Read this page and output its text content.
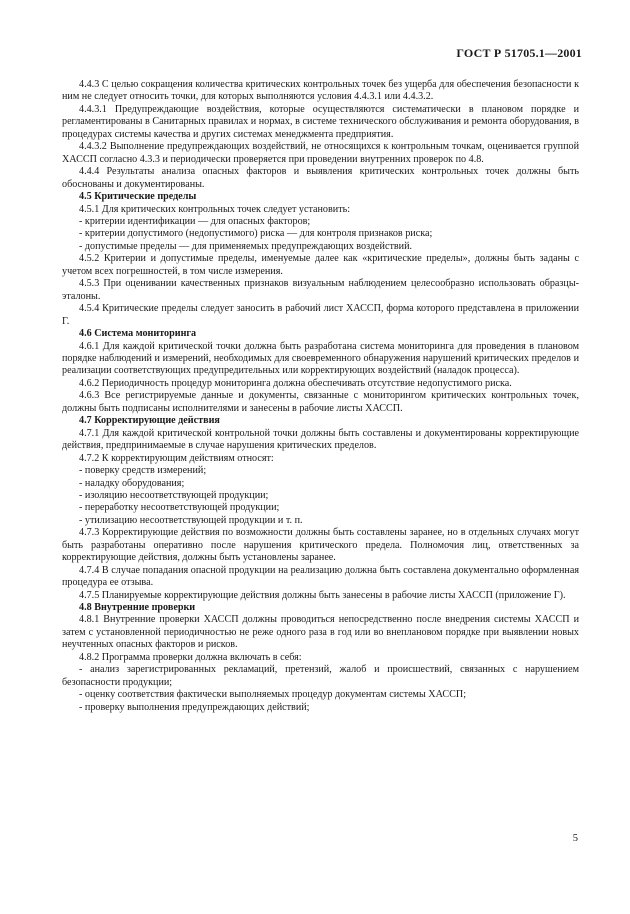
ГОСТ Р 51705.1—2001

4.4.3 С целью сокращения количества критических контрольных точек без ущерба для обеспечения безопасности к ним не следует относить точки, для которых выполняются условия 4.4.3.1 или 4.4.3.2.

4.4.3.1 Предупреждающие воздействия, которые осуществляются систематически в плановом порядке и регламентированы в Санитарных правилах и нормах, в системе технического обслуживания и ремонта оборудования, в процедурах системы качества и других системах менеджмента предприятия.

4.4.3.2 Выполнение предупреждающих воздействий, не относящихся к контрольным точкам, оценивается группой ХАССП согласно 4.3.3 и периодически проверяется при проведении внутренних проверок по 4.8.

4.4.4 Результаты анализа опасных факторов и выявления критических контрольных точек должны быть обоснованы и документированы.

4.5 Критические пределы

4.5.1 Для критических контрольных точек следует установить:

- критерии идентификации — для опасных факторов;

- критерии допустимого (недопустимого) риска — для контроля признаков риска;

- допустимые пределы — для применяемых предупреждающих воздействий.

4.5.2 Критерии и допустимые пределы, именуемые далее как «критические пределы», должны быть заданы с учетом всех погрешностей, в том числе измерения.

4.5.3 При оценивании качественных признаков визуальным наблюдением целесообразно использовать образцы-эталоны.

4.5.4 Критические пределы следует заносить в рабочий лист ХАССП, форма которого представлена в приложении Г.

4.6 Система мониторинга

4.6.1 Для каждой критической точки должна быть разработана система мониторинга для проведения в плановом порядке наблюдений и измерений, необходимых для своевременного обнаружения нарушений критических пределов и реализации соответствующих предупредительных или корректирующих воздействий (наладок процесса).

4.6.2 Периодичность процедур мониторинга должна обеспечивать отсутствие недопустимого риска.

4.6.3 Все регистрируемые данные и документы, связанные с мониторингом критических контрольных точек, должны быть подписаны исполнителями и занесены в рабочие листы ХАССП.

4.7 Корректирующие действия

4.7.1 Для каждой критической контрольной точки должны быть составлены и документированы корректирующие действия, предпринимаемые в случае нарушения критических пределов.

4.7.2 К корректирующим действиям относят:

- поверку средств измерений;

- наладку оборудования;

- изоляцию несоответствующей продукции;

- переработку несоответствующей продукции;

- утилизацию несоответствующей продукции и т. п.

4.7.3 Корректирующие действия по возможности должны быть составлены заранее, но в отдельных случаях могут быть разработаны оперативно после нарушения критического предела. Полномочия лиц, ответственных за корректирующие действия, должны быть установлены заранее.

4.7.4 В случае попадания опасной продукции на реализацию должна быть составлена документально оформленная процедура ее отзыва.

4.7.5 Планируемые корректирующие действия должны быть занесены в рабочие листы ХАССП (приложение Г).

4.8 Внутренние проверки

4.8.1 Внутренние проверки ХАССП должны проводиться непосредственно после внедрения системы ХАССП и затем с установленной периодичностью не реже одного раза в год или во внеплановом порядке при выявлении новых неучтенных опасных факторов и рисков.

4.8.2 Программа проверки должна включать в себя:

- анализ зарегистрированных рекламаций, претензий, жалоб и происшествий, связанных с нарушением безопасности продукции;

- оценку соответствия фактически выполняемых процедур документам системы ХАССП;

- проверку выполнения предупреждающих действий;

5
